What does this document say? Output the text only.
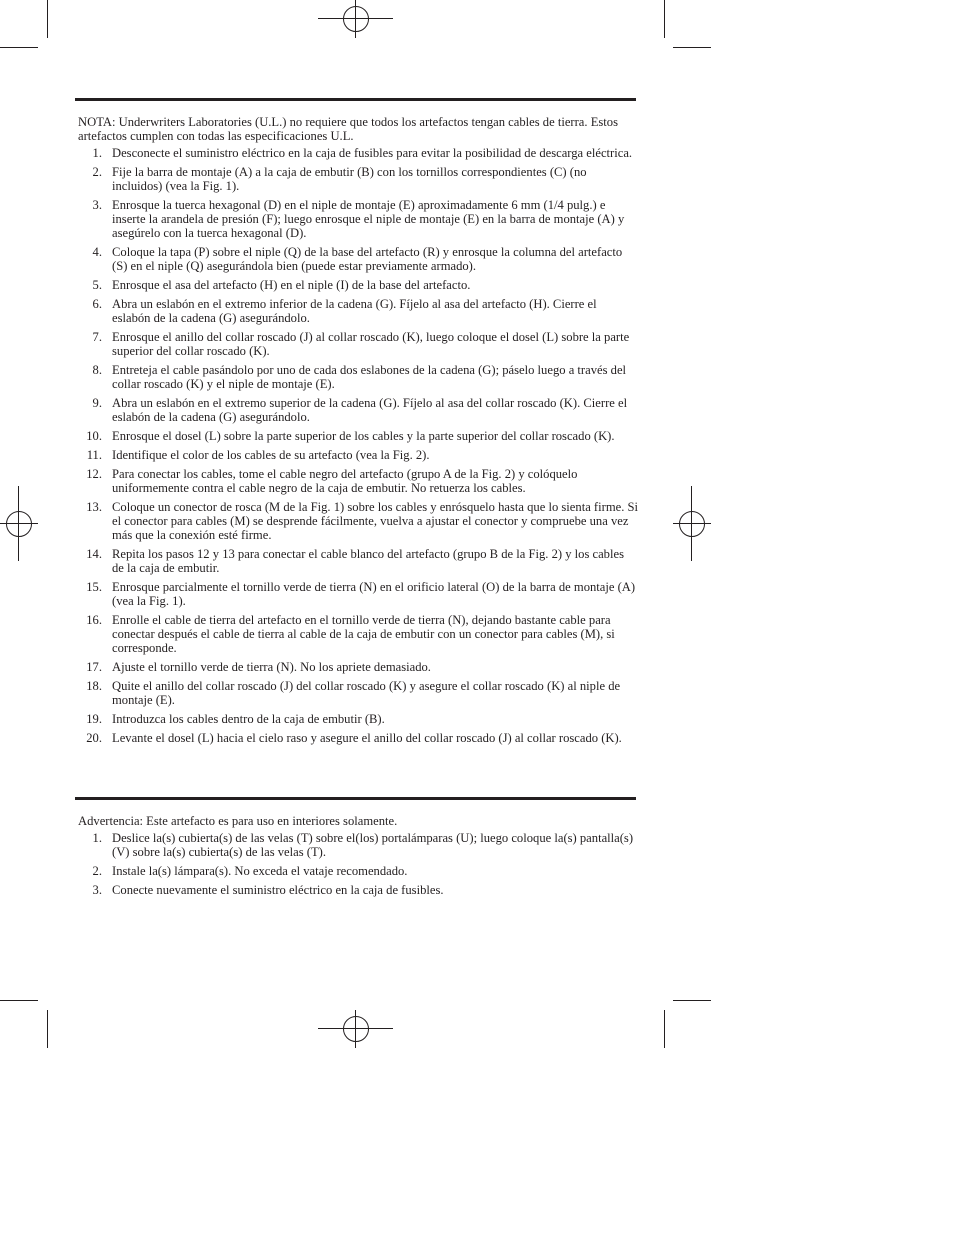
NOTA: Underwriters Laboratories (U.L.) no requiere que todos los artefactos tengan cables de tierra. Estos artefactos cumplen con todas las especificaciones U.L.

1. Desconecte el suministro eléctrico en la caja de fusibles para evitar la posibilidad de descarga eléctrica.
2. Fije la barra de montaje (A) a la caja de embutir (B) con los tornillos correspondientes (C) (no incluidos) (vea la Fig. 1).
3. Enrosque la tuerca hexagonal (D) en el niple de montaje (E) aproximadamente 6 mm (1/4 pulg.) e inserte la arandela de presión (F); luego enrosque el niple de montaje (E) en la barra de montaje (A) y asegúrelo con la tuerca hexagonal (D).
4. Coloque la tapa (P) sobre el niple (Q) de la base del artefacto (R) y enrosque la columna del artefacto (S) en el niple (Q) asegurándola bien (puede estar previamente armado).
5. Enrosque el asa del artefacto (H) en el niple (I) de la base del artefacto.
6. Abra un eslabón en el extremo inferior de la cadena (G). Fíjelo al asa del artefacto (H). Cierre el eslabón de la cadena (G) asegurándolo.
7. Enrosque el anillo del collar roscado (J) al collar roscado (K), luego coloque el dosel (L) sobre la parte superior del collar roscado (K).
8. Entreteja el cable pasándolo por uno de cada dos eslabones de la cadena (G); páselo luego a través del collar roscado (K) y el niple de montaje (E).
9. Abra un eslabón en el extremo superior de la cadena (G). Fíjelo al asa del collar roscado (K). Cierre el eslabón de la cadena (G) asegurándolo.
10. Enrosque el dosel (L) sobre la parte superior de los cables y la parte superior del collar roscado (K).
11. Identifique el color de los cables de su artefacto (vea la Fig. 2).
12. Para conectar los cables, tome el cable negro del artefacto (grupo A de la Fig. 2) y colóquelo uniformemente contra el cable negro de la caja de embutir. No retuerza los cables.
13. Coloque un conector de rosca (M de la Fig. 1) sobre los cables y enrósquelo hasta que lo sienta firme. Si el conector para cables (M) se desprende fácilmente, vuelva a ajustar el conector y compruebe una vez más que la conexión esté firme.
14. Repita los pasos 12 y 13 para conectar el cable blanco del artefacto (grupo B de la Fig. 2) y los cables de la caja de embutir.
15. Enrosque parcialmente el tornillo verde de tierra (N) en el orificio lateral (O) de la barra de montaje (A) (vea la Fig. 1).
16. Enrolle el cable de tierra del artefacto en el tornillo verde de tierra (N), dejando bastante cable para conectar después el cable de tierra al cable de la caja de embutir con un conector para cables (M), si corresponde.
17. Ajuste el tornillo verde de tierra (N). No los apriete demasiado.
18. Quite el anillo del collar roscado (J) del collar roscado (K) y asegure el collar roscado (K) al niple de montaje (E).
19. Introduzca los cables dentro de la caja de embutir (B).
20. Levante el dosel (L) hacia el cielo raso y asegure el anillo del collar roscado (J) al collar roscado (K).

Advertencia: Este artefacto es para uso en interiores solamente.

1. Deslice la(s) cubierta(s) de las velas (T) sobre el(los) portalámparas (U); luego coloque la(s) pantalla(s) (V) sobre la(s) cubierta(s) de las velas (T).
2. Instale la(s) lámpara(s). No exceda el vataje recomendado.
3. Conecte nuevamente el suministro eléctrico en la caja de fusibles.
